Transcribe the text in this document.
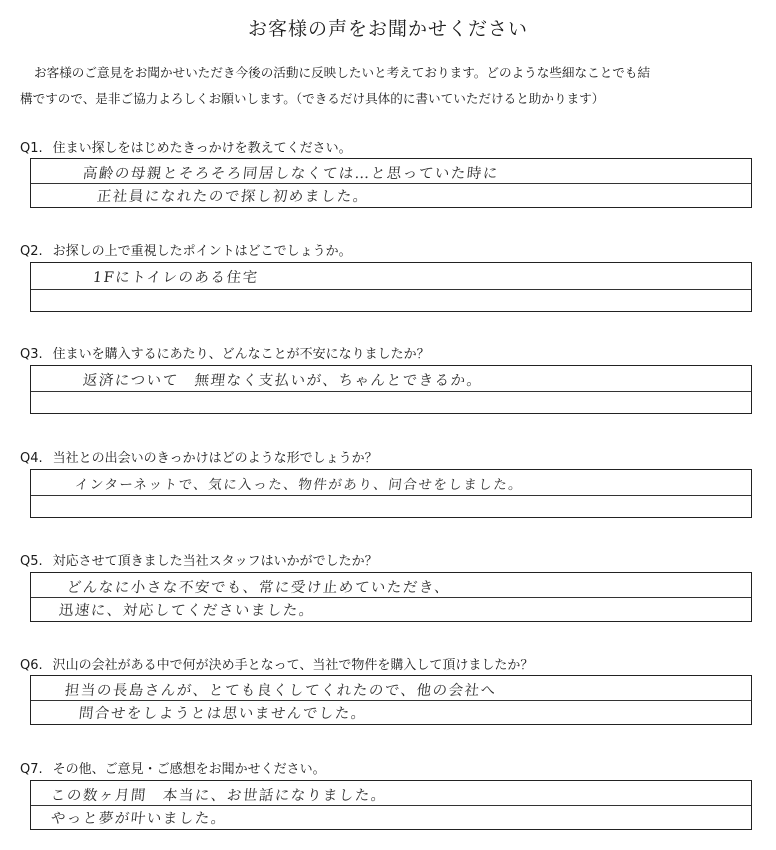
お客様の声をお聞かせください
お客様のご意見をお聞かせいただき今後の活動に反映したいと考えております。どのような些細なことでも結
構ですので、是非ご協力よろしくお願いします。（できるだけ具体的に書いていただけると助かります）
Q1. 住まい探しをはじめたきっかけを教えてください。
高齢の母親とそろそろ同居しなくては…と思っていた時に
正社員になれたので探し初めました。
Q2. お探しの上で重視したポイントはどこでしょうか。
1Fにトイレのある住宅
Q3. 住まいを購入するにあたり、どんなことが不安になりましたか？
返済について　無理なく支払いが、ちゃんとできるか。
Q4. 当社との出会いのきっかけはどのような形でしょうか？
インターネットで、気に入った、物件があり、问合せをしました。
Q5. 対応させて頂きました当社スタッフはいかがでしたか？
どんなに小さな不安でも、常に受け止めていただき、
迅速に、対応してくださいました。
Q6. 沢山の会社がある中で何が決め手となって、当社で物件を購入して頂けましたか？
担当の長島さんが、とても良くしてくれたので、他の会社へ
問合せをしようとは思いませんでした。
Q7. その他、ご意見・ご感想をお聞かせください。
この数ヶ月間　本当に、お世話になりました。
やっと夢が叶いました。
